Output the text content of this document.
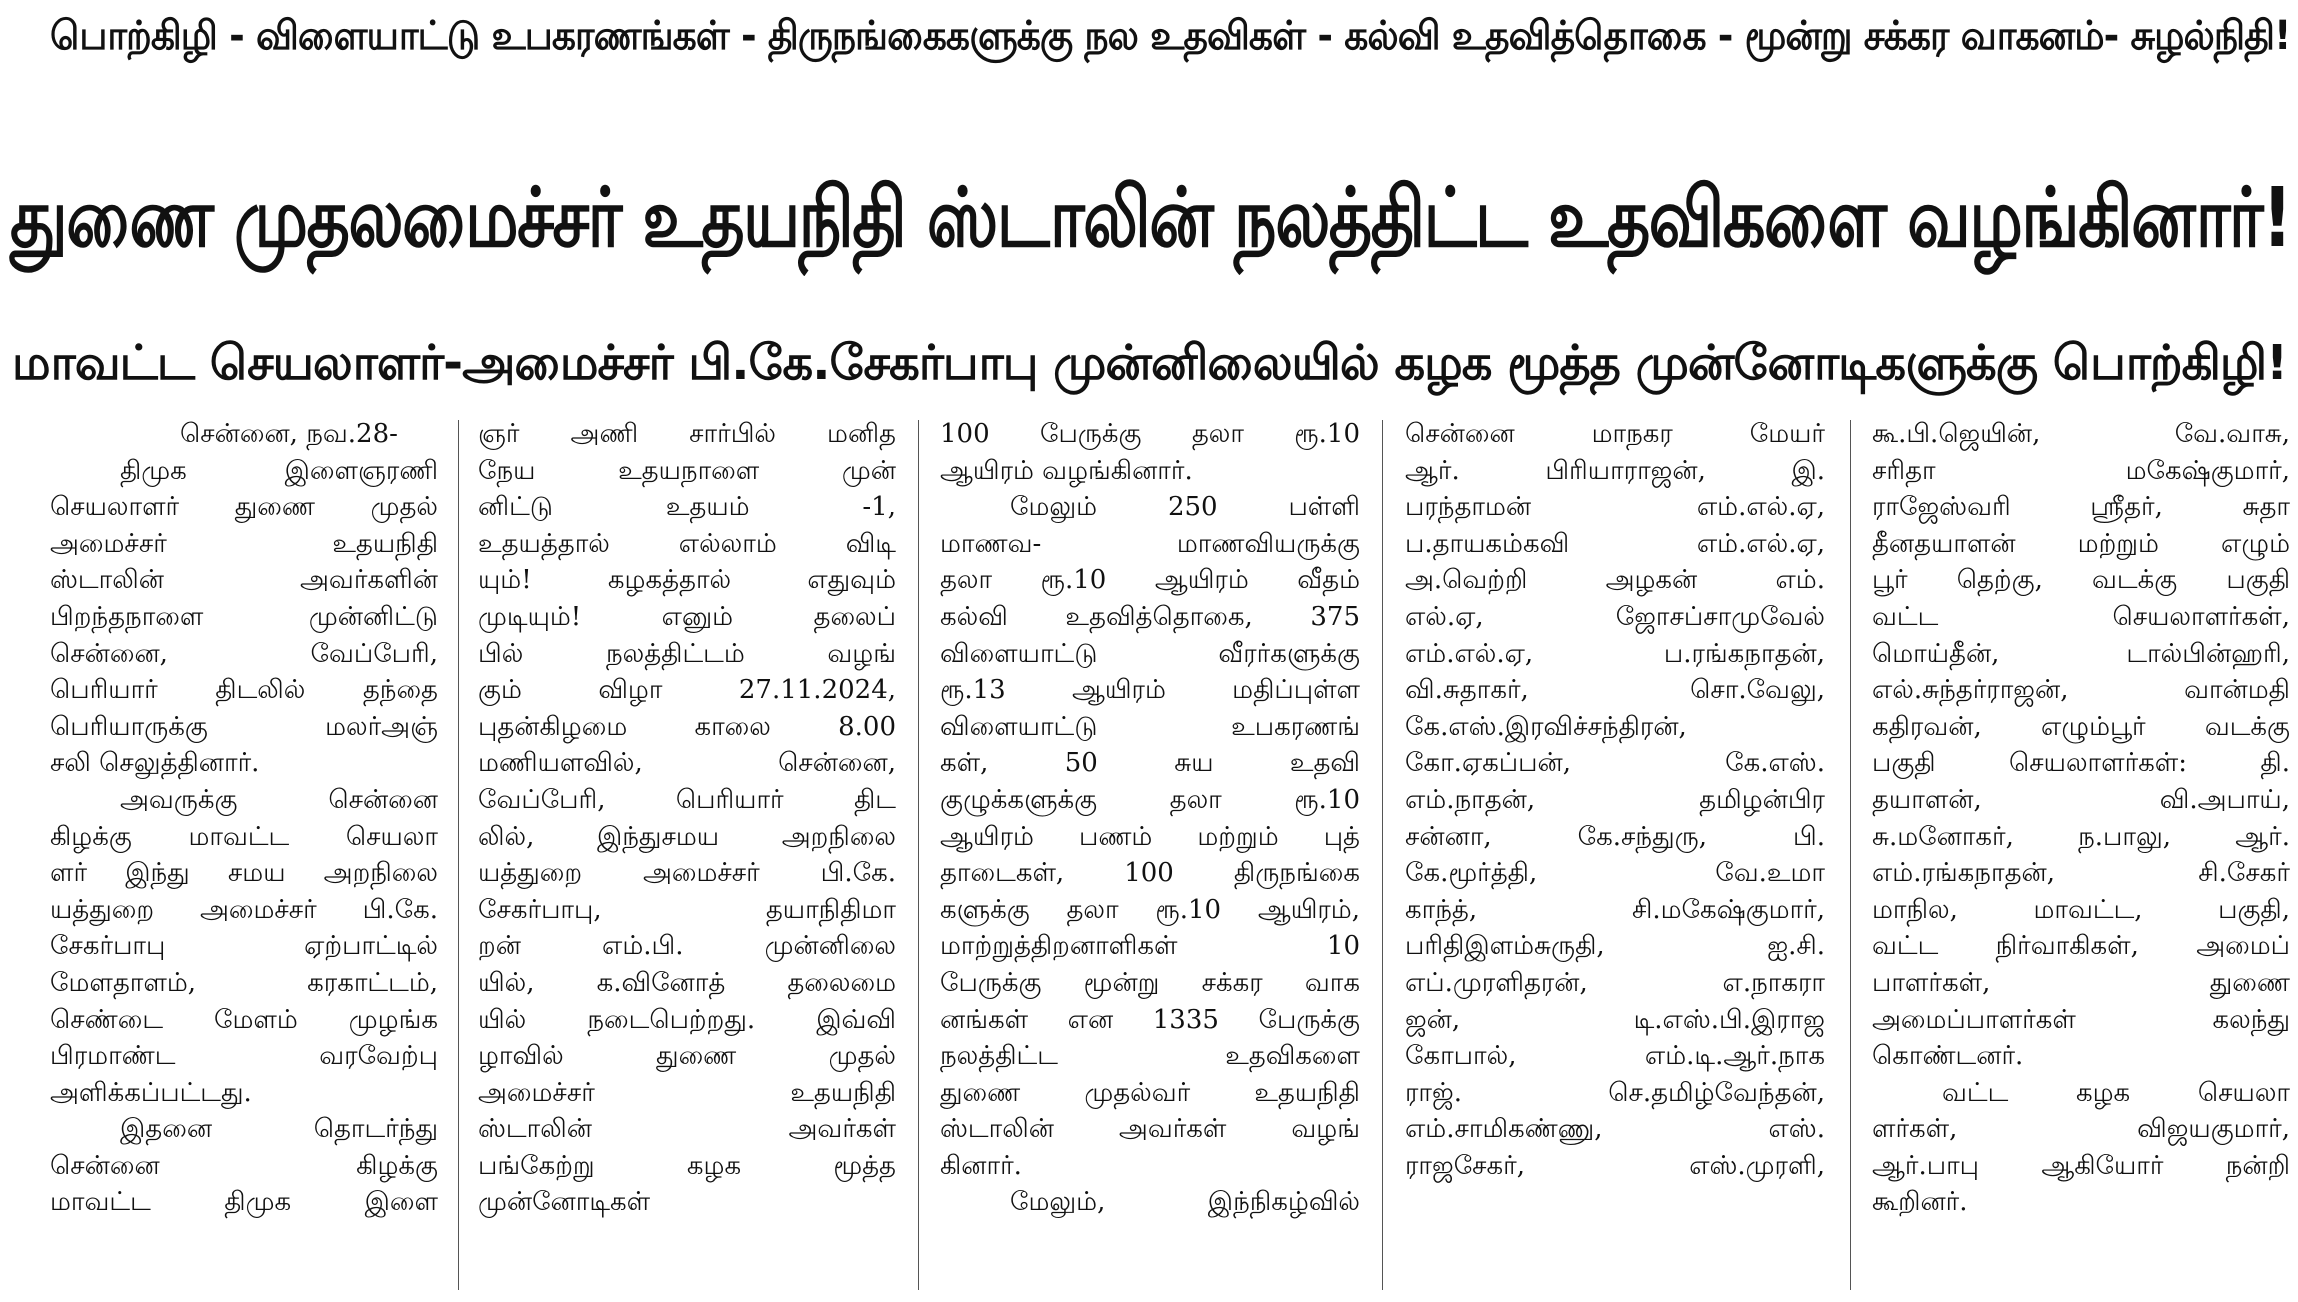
பொற்கிழி - விளையாட்டு உபகரணங்கள் - திருநங்கைகளுக்கு நல உதவிகள் - கல்வி உதவித்தொகை - மூன்று சக்கர வாகனம்- சுழல்நிதி!
துணை முதலமைச்சர் உதயநிதி ஸ்டாலின் நலத்திட்ட உதவிகளை வழங்கினார்!
மாவட்ட செயலாளர்-அமைச்சர் பி.கே.சேகர்பாபு முன்னிலையில் கழக மூத்த முன்னோடிகளுக்கு பொற்கிழி!
சென்னை, நவ.28-
திமுக இளைஞரணி
செயலாளர் துணை முதல்
அமைச்சர் உதயநிதி
ஸ்டாலின் அவர்களின்
பிறந்தநாளை முன்னிட்டு
சென்னை, வேப்பேரி,
பெரியார் திடலில் தந்தை
பெரியாருக்கு மலர்அஞ்
சலி செலுத்தினார்.
அவருக்கு சென்னை
கிழக்கு மாவட்ட செயலா
ளர் இந்து சமய அறநிலை
யத்துறை அமைச்சர் பி.கே.
சேகர்பாபு ஏற்பாட்டில்
மேளதாளம், கரகாட்டம்,
செண்டை மேளம் முழங்க
பிரமாண்ட வரவேற்பு
அளிக்கப்பட்டது.
இதனை தொடர்ந்து
சென்னை கிழக்கு
மாவட்ட திமுக இளை
ஞர் அணி சார்பில் மனித
நேய உதயநாளை முன்
னிட்டு உதயம் -1,
உதயத்தால் எல்லாம் விடி
யும்! கழகத்தால் எதுவும்
முடியும்! எனும் தலைப்
பில் நலத்திட்டம் வழங்
கும் விழா 27.11.2024,
புதன்கிழமை காலை 8.00
மணியளவில், சென்னை,
வேப்பேரி, பெரியார் திட
லில், இந்துசமய அறநிலை
யத்துறை அமைச்சர் பி.கே.
சேகர்பாபு, தயாநிதிமா
றன் எம்.பி. முன்னிலை
யில், க.வினோத் தலைமை
யில் நடைபெற்றது. இவ்வி
ழாவில் துணை முதல்
அமைச்சர் உதயநிதி
ஸ்டாலின் அவர்கள்
பங்கேற்று கழக மூத்த
முன்னோடிகள்
100 பேருக்கு தலா ரூ.10
ஆயிரம் வழங்கினார்.
மேலும் 250 பள்ளி
மாணவ- மாணவியருக்கு
தலா ரூ.10 ஆயிரம் வீதம்
கல்வி உதவித்தொகை, 375
விளையாட்டு வீரர்களுக்கு
ரூ.13 ஆயிரம் மதிப்புள்ள
விளையாட்டு உபகரணங்
கள், 50 சுய உதவி
குழுக்களுக்கு தலா ரூ.10
ஆயிரம் பணம் மற்றும் புத்
தாடைகள், 100 திருநங்கை
களுக்கு தலா ரூ.10 ஆயிரம்,
மாற்றுத்திறனாளிகள் 10
பேருக்கு மூன்று சக்கர வாக
னங்கள் என 1335 பேருக்கு
நலத்திட்ட உதவிகளை
துணை முதல்வர் உதயநிதி
ஸ்டாலின் அவர்கள் வழங்
கினார்.
மேலும், இந்நிகழ்வில்
சென்னை மாநகர மேயர்
ஆர். பிரியாராஜன், இ.
பரந்தாமன் எம்.எல்.ஏ,
ப.தாயகம்கவி எம்.எல்.ஏ,
அ.வெற்றி அழகன் எம்.
எல்.ஏ, ஜோசப்சாமுவேல்
எம்.எல்.ஏ, ப.ரங்கநாதன்,
வி.சுதாகர், சொ.வேலு,
கே.எஸ்.இரவிச்சந்திரன்,
கோ.ஏகப்பன், கே.எஸ்.
எம்.நாதன், தமிழன்பிர
சன்னா, கே.சந்துரு, பி.
கே.மூர்த்தி, வே.உமா
காந்த், சி.மகேஷ்குமார்,
பரிதிஇளம்சுருதி, ஐ.சி.
எப்.முரளிதரன், எ.நாகரா
ஜன், டி.எஸ்.பி.இராஜ
கோபால், எம்.டி.ஆர்.நாக
ராஜ். செ.தமிழ்வேந்தன்,
எம்.சாமிகண்ணு, எஸ்.
ராஜசேகர், எஸ்.முரளி,
கூ.பி.ஜெயின், வே.வாசு,
சரிதா மகேஷ்குமார்,
ராஜேஸ்வரி ஸ்ரீதர், சுதா
தீனதயாளன் மற்றும் எழும்
பூர் தெற்கு, வடக்கு பகுதி
வட்ட செயலாளர்கள்,
மொய்தீன், டால்பின்ஹரி,
எல்.சுந்தர்ராஜன், வான்மதி
கதிரவன், எழும்பூர் வடக்கு
பகுதி செயலாளர்கள்: தி.
தயாளன், வி.அபாய்,
சு.மனோகர், ந.பாலு, ஆர்.
எம்.ரங்கநாதன், சி.சேகர்
மாநில, மாவட்ட, பகுதி,
வட்ட நிர்வாகிகள், அமைப்
பாளர்கள், துணை
அமைப்பாளர்கள் கலந்து
கொண்டனர்.
வட்ட கழக செயலா
ளர்கள், விஜயகுமார்,
ஆர்.பாபு ஆகியோர் நன்றி
கூறினர்.
